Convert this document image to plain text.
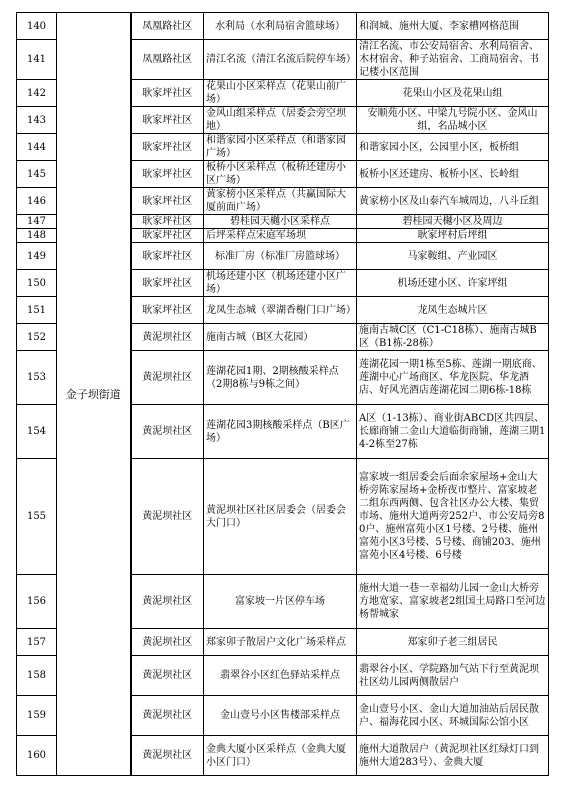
140	金子坝街道	凤凰路社区	水利局（水利局宿舍篮球场）	和润城、施州大厦、李家槽网格范围
141		凤凰路社区	清江名流（清江名流后院停车场）	清江名流、市公安局宿舍、水利局宿舍、木材宿舍、种子站宿舍、工商局宿舍、书记楼小区范围
142		耿家坪社区	花果山小区采样点（花果山前广场）	花果山小区及花果山组
143		耿家坪社区	金风山组采样点（居委会旁空坝地）	安顺苑小区、中梁九号院小区、金风山组，名品城小区
144		耿家坪社区	和谐家园小区采样点（和谐家园广场）	和谐家园小区，公园里小区，板桥组
145		耿家坪社区	板桥小区采样点（板桥还建房小区广场）	板桥小区还建房、板桥小区、长岭组
146		耿家坪社区	黄家榜小区采样点（共赢国际大厦前面广场）	黄家榜小区及山泰汽车城周边，八斗丘组
147		耿家坪社区	碧桂园天樾小区采样点	碧桂园天樾小区及周边
148		耿家坪社区	后坪采样点宋庭军场坝	耿家坪村后坪组
149		耿家坪社区	标准厂房（标准厂房篮球场）	马家鞍组、产业园区
150		耿家坪社区	机场还建小区（机场还建小区广场）	机场还建小区、许家坪组
151		耿家坪社区	龙凤生态城（翠湖香榭门口广场）	龙凤生态城片区
152		黄泥坝社区	施南古城（B区大花园）	施南古城C区（C1-C18栋）、施南古城B区（B1栋-28栋）
153		黄泥坝社区	莲湖花园1期、2期核酸采样点（2期8栋与9栋之间）	莲湖花园一期1栋至5栋、莲湖一期底商、莲湖中心广场商区、华龙医院、华龙酒店、好风光酒店莲湖花园二期6栋-18栋
154		黄泥坝社区	莲湖花园3期核酸采样点（B区广场）	A区（1-13栋）、商业街ABCD区共四层、长廊商铺二金山大道临街商铺，莲湖三期14-2栋至27栋
155		黄泥坝社区	黄泥坝社区社区居委会（居委会大门口）	富家坡一组居委会后面余家屋场+金山大桥旁陈家屋场+金桥夜市整片、富家坡老二组东西两侧、包含社区办公大楼、集贸市场、施州大道两旁252户、市公安局旁80户、施州富苑小区1号楼、2号楼、施州富苑小区3号楼、5号楼、商铺203、施州富苑小区4号楼、6号楼
156		黄泥坝社区	富家坡一片区停车场	施州大道一巷一幸福幼儿园一金山大桥旁方地宽家、富家坡老2组国土局路口至河边杨帮城家
157		黄泥坝社区	郑家卯子散居户文化广场采样点	郑家卯子老三组居民
158		黄泥坝社区	翡翠谷小区红色驿站采样点	翡翠谷小区、学院路加气站下行至黄泥坝社区幼儿园两侧散居户
159		黄泥坝社区	金山壹号小区售楼部采样点	金山壹号小区、金山大道加油站后居民散户、福海花园小区、环城国际公馆小区
160		黄泥坝社区	金典大厦小区采样点（金典大厦小区门口）	施州大道散居户（黄泥坝社区红绿灯口到施州大道283号）、金典大厦
